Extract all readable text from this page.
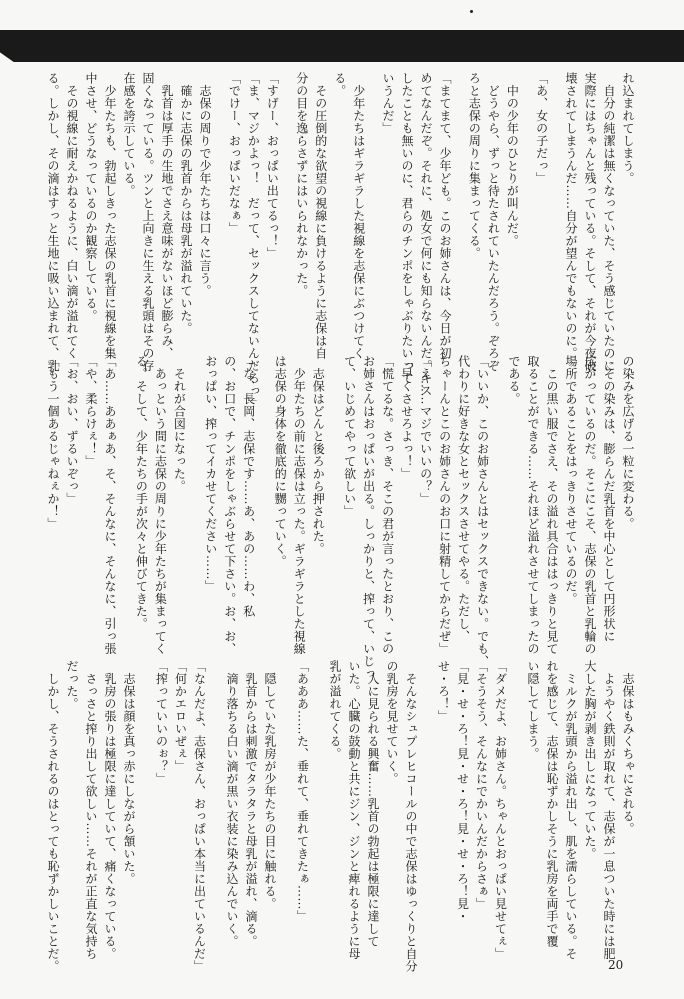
れ込まれてしまう。
　自分の純潔は無くなっていた、そう感じていたのに
実際にはちゃんと残っている。そして、それが今夜破
壊されてしまうんだ……自分が望んでもないのに。
「あ、女の子だっ」
　中の少年のひとりが叫んだ。
　どうやら、ずっと待たされていたんだろう。ぞろぞ
ろと志保の周りに集まってくる。
「まてまて、少年ども。このお姉さんは、今日が初
めてなんだぞ。それに、処女で何にも知らないんだ。キス
したことも無いのに、君らのチンポをしゃぶりたいって
いうんだ」
　少年たちはギラギラした視線を志保にぶつけてく
る。
　その圧倒的な欲望の視線に負けるように志保は自
分の目を逸らさずにはいられなかった。
「すげー、おっぱい出てるっ！」
「ま、マジかよっ！　だって、セックスしてないんだろっ」
「でけー、おっぱいだなぁ」
　志保の周りで少年たちは口々に言う。
　確かに志保の乳首からは母乳が溢れていた。
　乳首は厚手の生地でさえ意味がないほど膨らみ、
固くなっている。ツンと上向きに生える乳頭はその存
在感を誇示している。
　少年たちも、勃起しきった志保の乳首に視線を集
中させ、どうなっているのか観察している。
　その視線に耐えかねるように、白い滴が溢れてく
る。しかし、その滴はすっと生地に吸い込まれて、乳
の染みを広げる一粒に変わる。
　その染みは、膨らんだ乳首を中心として円形状に
広がっているのだ。そこにこそ、志保の乳首と乳輪の
場所であることをはっきりさせているのだ。
　この黒い服でさえ、その溢れ具合ははっきりと見て
取ることができる……それほど溢れさせてしまったの
である。
「いいか、このお姉さんとはセックスできない。でも、
代わりに好きな女とセックスさせてやる。ただし、
ちゃーんとこのお姉さんのお口に射精してからだぜ」
「え……マジでいいの？」
「早くさせろよっ！」
「慌てるな。さっき、そこの君が言ったとおり、この
お姉さんはおっぱいが出る。しっかりと、搾って、いじっ
て、いじめてやって欲しい」
　志保はどんと後ろから押された。
　少年たちの前に志保は立った。ギラギラとした視線
は志保の身体を徹底的に嬲っていく。
「な、長岡、志保です……あ、あの……わ、私
の、お口で、チンポをしゃぶらせて下さい。お、お、
おっぱい、搾ってイカせてください……」
　それが合図になった。
　あっという間に志保の周りに少年たちが集まってく
る。そして、少年たちの手が次々と伸びてきた。
「あ……ああぁあ、そ、そんなに、そんなに、引っ張
「や、柔らけぇ！」
「お、おい、ずるいぞっ」
「もう一個あるじゃねぇか！」
　志保はもみくちゃにされる。
　ようやく鉄則が取れて、志保が一息ついた時には肥
大した胸が剥き出しになっていた。
　ミルクが乳頭から溢れ出し、肌を濡らしている。そ
れを感じて、志保は恥ずかしそうに乳房を両手で覆
い隠してしまう。
「ダメだよ、お姉さん。ちゃんとおっぱい見せてぇ」
「そうそう、そんなにでかいんだからさぁ」
「見・せ・ろ！見・せ・ろ！見・せ・ろ！見・
せ・ろ！」
　そんなシュプレヒコールの中で志保はゆっくりと自分
の乳房を見せていく。
　人に見られる興奮……乳首の勃起は極限に達して
いた。心臓の鼓動と共にジン、ジンと痺れるように母
乳が溢れてくる。
「あああ……た、垂れて、垂れてきたぁ……」
　隠していた乳房が少年たちの目に触れる。
　乳首からは刺激でタラタラと母乳が溢れ、滴る。
　滴り落ちる白い滴が黒い衣装に染み込んでいく。
「なんだよ、志保さん、おっぱい本当に出ているんだ」
「何かエロいぜぇ」
「搾っていいのぉ？」
　志保は顔を真っ赤にしながら頷いた。
　乳房の張りは極限に達していて、痛くなっている。
　さっさと搾り出して欲しい……それが正直な気持ち
だった。
　しかし、そうされるのはとっても恥ずかしいことだ。	20
